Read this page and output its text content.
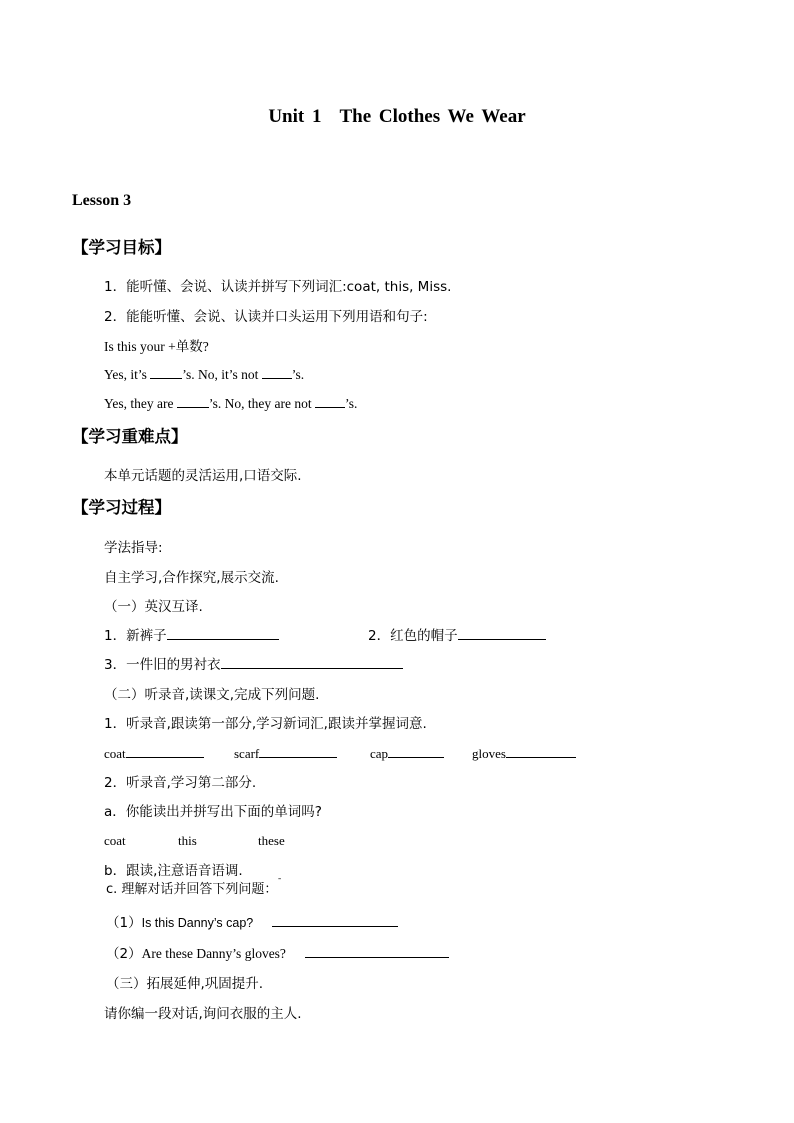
Unit 1 The Clothes We Wear
Lesson 3
【学习目标】
1．能听懂、会说、认读并拼写下列词汇:coat, this, Miss.
2．能能听懂、会说、认读并口头运用下列用语和句子:
Is this your +单数?
Yes, it’s	’s. No, it’s not ’s.
Yes, they are	’s. No, they are not ’s.
【学习重难点】
本单元话题的灵活运用,口语交际.
【学习过程】
学法指导:
自主学习,合作探究,展示交流.
（一）英汉互译.
1．新裤子	2．红色的帽子
3．一件旧的男衬衣
（二）听录音,读课文,完成下列问题.
1．听录音,跟读第一部分,学习新词汇,跟读并掌握词意.
coat	scarf	cap	gloves
2．听录音,学习第二部分.
a．你能读出并拼写出下面的单词吗?
coat	this	these
b．跟读,注意语音语调.
c. 理解对话并回答下列问题：¯
（1）Is this Danny’s cap?
（2）Are these Danny’s gloves?
（三）拓展延伸,巩固提升.
请你编一段对话,询问衣服的主人.
